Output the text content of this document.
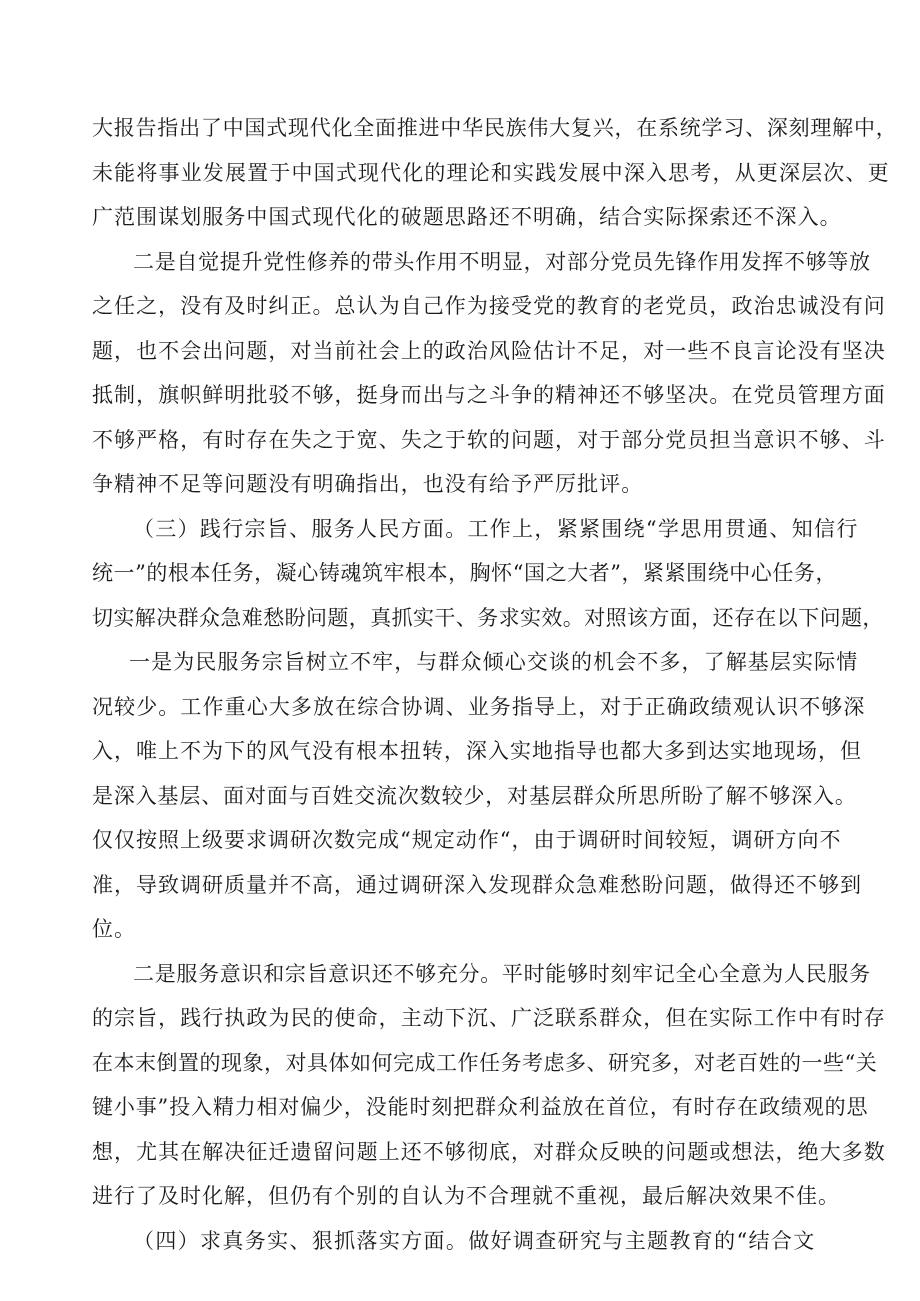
大报告指出了中国式现代化全面推进中华民族伟大复兴，在系统学习、深刻理解中，
未能将事业发展置于中国式现代化的理论和实践发展中深入思考，从更深层次、更
广范围谋划服务中国式现代化的破题思路还不明确，结合实际探索还不深入。
二是自觉提升党性修养的带头作用不明显，对部分党员先锋作用发挥不够等放
之任之，没有及时纠正。总认为自己作为接受党的教育的老党员，政治忠诚没有问
题，也不会出问题，对当前社会上的政治风险估计不足，对一些不良言论没有坚决
抵制，旗帜鲜明批驳不够，挺身而出与之斗争的精神还不够坚决。在党员管理方面
不够严格，有时存在失之于宽、失之于软的问题，对于部分党员担当意识不够、斗
争精神不足等问题没有明确指出，也没有给予严厉批评。
（三）践行宗旨、服务人民方面。工作上，紧紧围绕“学思用贯通、知信行
统一”的根本任务，凝心铸魂筑牢根本，胸怀“国之大者”，紧紧围绕中心任务，
切实解决群众急难愁盼问题，真抓实干、务求实效。对照该方面，还存在以下问题，
一是为民服务宗旨树立不牢，与群众倾心交谈的机会不多，了解基层实际情
况较少。工作重心大多放在综合协调、业务指导上，对于正确政绩观认识不够深
入，唯上不为下的风气没有根本扭转，深入实地指导也都大多到达实地现场，但
是深入基层、面对面与百姓交流次数较少，对基层群众所思所盼了解不够深入。
仅仅按照上级要求调研次数完成“规定动作“，由于调研时间较短，调研方向不
准，导致调研质量并不高，通过调研深入发现群众急难愁盼问题，做得还不够到
位。
二是服务意识和宗旨意识还不够充分。平时能够时刻牢记全心全意为人民服务
的宗旨，践行执政为民的使命，主动下沉、广泛联系群众，但在实际工作中有时存
在本末倒置的现象，对具体如何完成工作任务考虑多、研究多，对老百姓的一些“关
键小事”投入精力相对偏少，没能时刻把群众利益放在首位，有时存在政绩观的思
想，尤其在解决征迁遗留问题上还不够彻底，对群众反映的问题或想法，绝大多数
进行了及时化解，但仍有个别的自认为不合理就不重视，最后解决效果不佳。
（四）求真务实、狠抓落实方面。做好调查研究与主题教育的“结合文
